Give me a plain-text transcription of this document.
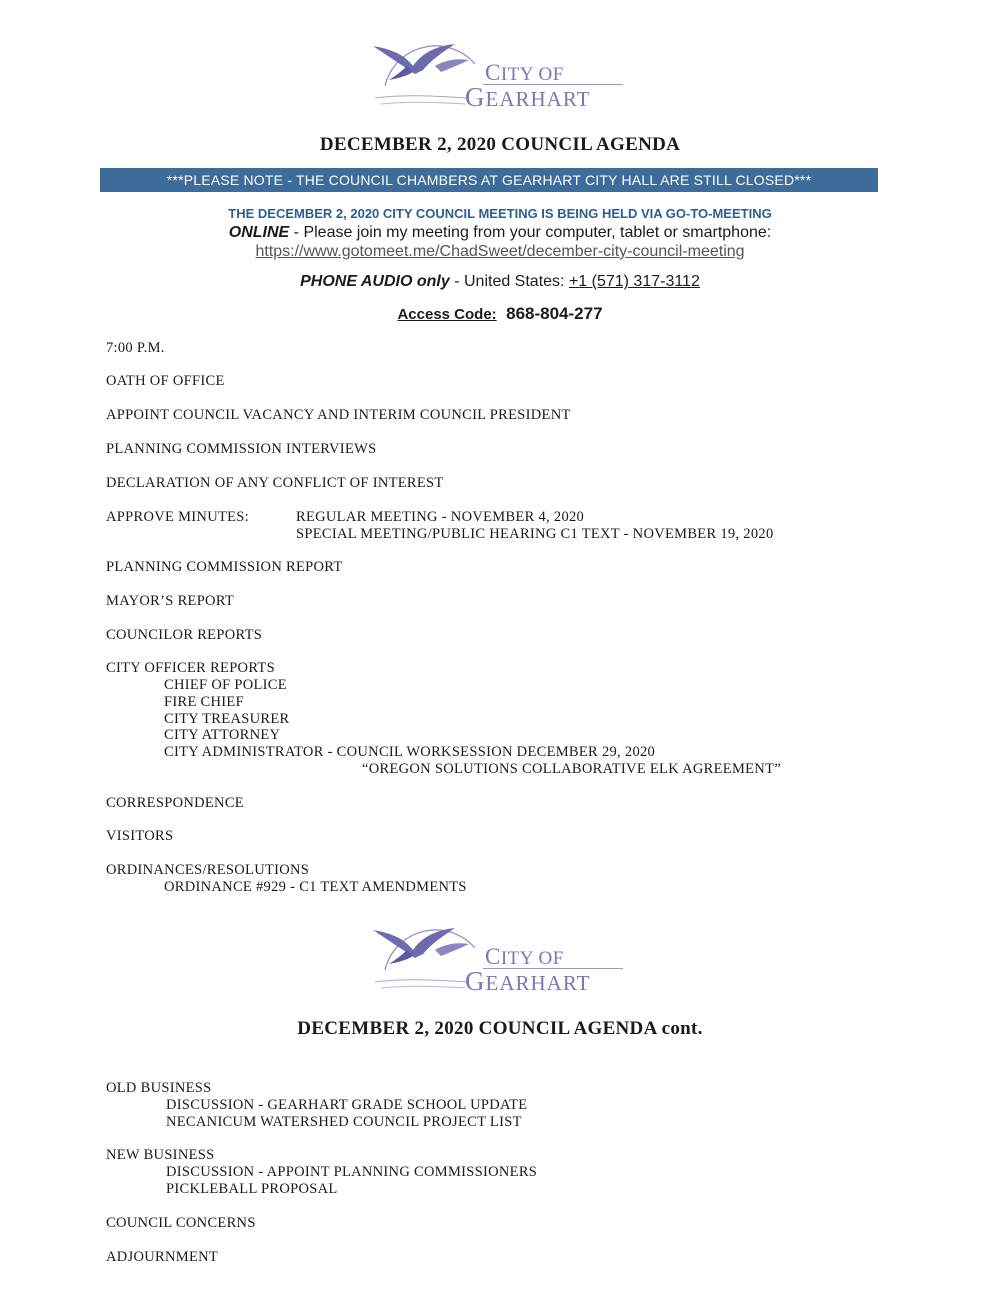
CITY OF
GEARHART
DECEMBER 2, 2020 COUNCIL AGENDA
***PLEASE NOTE - THE COUNCIL CHAMBERS AT GEARHART CITY HALL ARE STILL CLOSED***
THE DECEMBER 2, 2020 CITY COUNCIL MEETING IS BEING HELD VIA GO-TO-MEETING
ONLINE - Please join my meeting from your computer, tablet or smartphone:
https://www.gotomeet.me/ChadSweet/december-city-council-meeting
PHONE AUDIO only - United States: +1 (571) 317-3112
Access Code: 868-804-277
7:00 P.M.
OATH OF OFFICE
APPOINT COUNCIL VACANCY AND INTERIM COUNCIL PRESIDENT
PLANNING COMMISSION INTERVIEWS
DECLARATION OF ANY CONFLICT OF INTEREST
APPROVE MINUTES:	REGULAR MEETING - NOVEMBER 4, 2020
SPECIAL MEETING/PUBLIC HEARING C1 TEXT - NOVEMBER 19, 2020
PLANNING COMMISSION REPORT
MAYOR’S REPORT
COUNCILOR REPORTS
CITY OFFICER REPORTS
CHIEF OF POLICE
FIRE CHIEF
CITY TREASURER
CITY ATTORNEY
CITY ADMINISTRATOR - COUNCIL WORKSESSION DECEMBER 29, 2020
“OREGON SOLUTIONS COLLABORATIVE ELK AGREEMENT”
CORRESPONDENCE
VISITORS
ORDINANCES/RESOLUTIONS
ORDINANCE #929 - C1 TEXT AMENDMENTS
CITY OF
GEARHART
DECEMBER 2, 2020 COUNCIL AGENDA cont.
OLD BUSINESS
DISCUSSION - GEARHART GRADE SCHOOL UPDATE
NECANICUM WATERSHED COUNCIL PROJECT LIST
NEW BUSINESS
DISCUSSION - APPOINT PLANNING COMMISSIONERS
PICKLEBALL PROPOSAL
COUNCIL CONCERNS
ADJOURNMENT
